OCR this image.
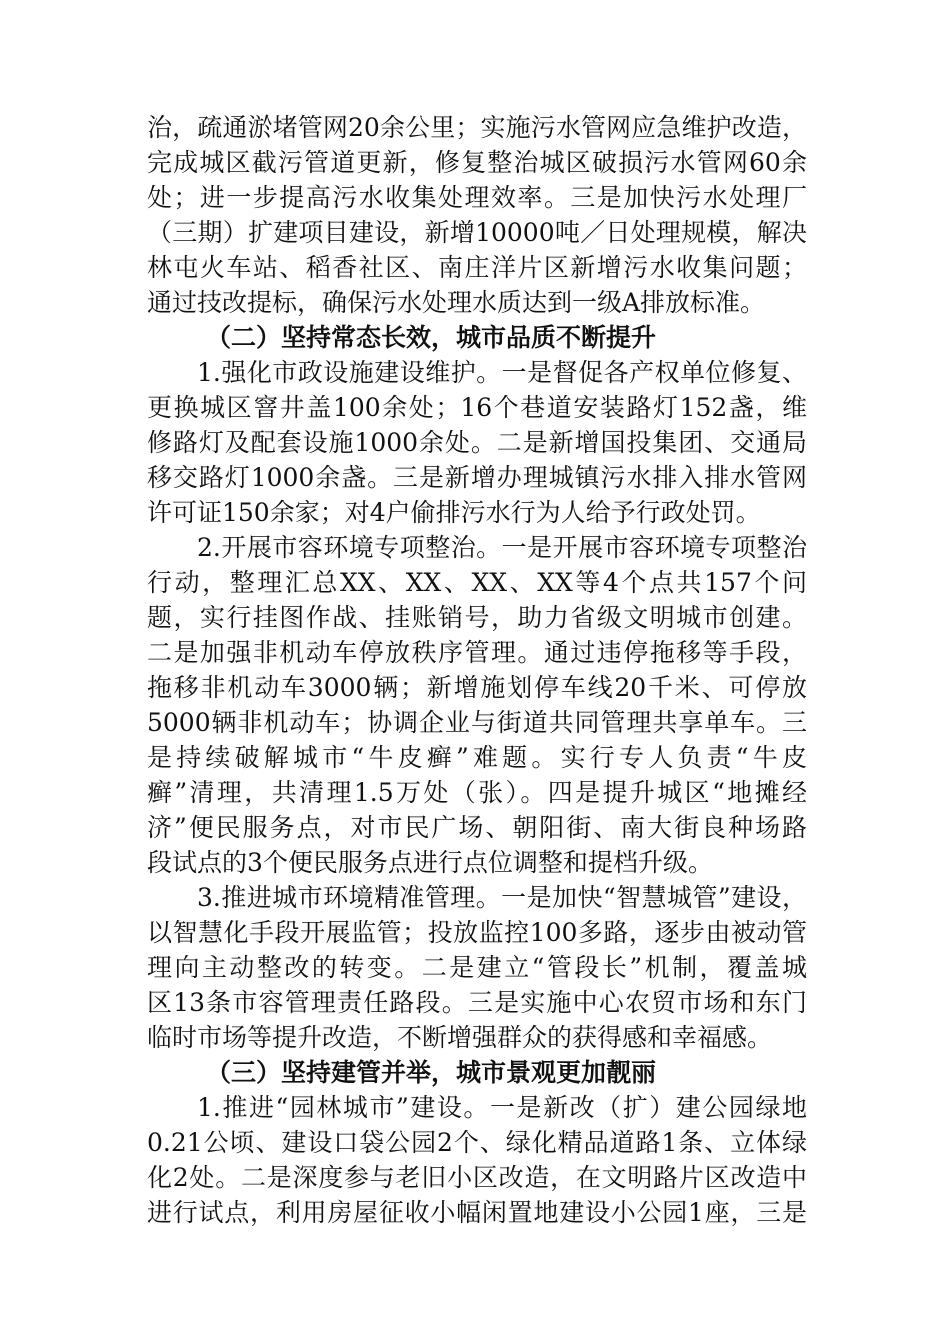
治，疏通淤堵管网20余公里；实施污水管网应急维护改造，
完成城区截污管道更新，修复整治城区破损污水管网60余
处；进一步提高污水收集处理效率。三是加快污水处理厂
（三期）扩建项目建设，新增10000吨／日处理规模，解决
林屯火车站、稻香社区、南庄洋片区新增污水收集问题；
通过技改提标，确保污水处理水质达到一级A排放标准。
（二）坚持常态长效，城市品质不断提升
1.强化市政设施建设维护。一是督促各产权单位修复、
更换城区窨井盖100余处；16个巷道安装路灯152盏，维
修路灯及配套设施1000余处。二是新增国投集团、交通局
移交路灯1000余盏。三是新增办理城镇污水排入排水管网
许可证150余家；对4户偷排污水行为人给予行政处罚。
2.开展市容环境专项整治。一是开展市容环境专项整治
行动，整理汇总XX、XX、XX、XX等4个点共157个问
题，实行挂图作战、挂账销号，助力省级文明城市创建。
二是加强非机动车停放秩序管理。通过违停拖移等手段，
拖移非机动车3000辆；新增施划停车线20千米、可停放
5000辆非机动车；协调企业与街道共同管理共享单车。三
是持续破解城市“牛皮癣”难题。实行专人负责“牛皮
癣”清理，共清理1.5万处（张）。四是提升城区“地摊经
济”便民服务点，对市民广场、朝阳街、南大街良种场路
段试点的3个便民服务点进行点位调整和提档升级。
3.推进城市环境精准管理。一是加快“智慧城管”建设，
以智慧化手段开展监管；投放监控100多路，逐步由被动管
理向主动整改的转变。二是建立“管段长”机制，覆盖城
区13条市容管理责任路段。三是实施中心农贸市场和东门
临时市场等提升改造，不断增强群众的获得感和幸福感。
（三）坚持建管并举，城市景观更加靓丽
1.推进“园林城市”建设。一是新改（扩）建公园绿地
0.21公顷、建设口袋公园2个、绿化精品道路1条、立体绿
化2处。二是深度参与老旧小区改造，在文明路片区改造中
进行试点，利用房屋征收小幅闲置地建设小公园1座，三是
